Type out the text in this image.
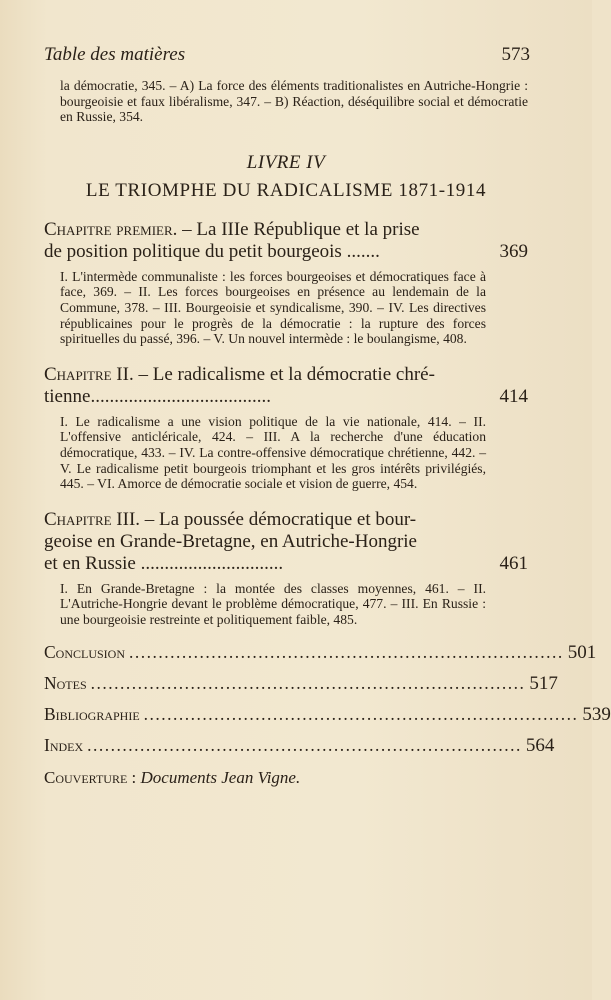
Table des matières	573

la démocratie, 345. – A) La force des éléments traditionalistes en Autriche-Hongrie : bourgeoisie et faux libéralisme, 347. – B) Réaction, déséquilibre social et démocratie en Russie, 354.

LIVRE IV
LE TRIOMPHE DU RADICALISME 1871-1914
Chapitre premier. – La IIIe République et la prise
de position politique du petit bourgeois .......	369

I. L'intermède communaliste : les forces bourgeoises et démocratiques face à face, 369. – II. Les forces bourgeoises en présence au lendemain de la Commune, 378. – III. Bourgeoisie et syndicalisme, 390. – IV. Les directives républicaines pour le progrès de la démocratie : la rupture des forces spirituelles du passé, 396. – V. Un nouvel intermède : le boulangisme, 408.

Chapitre II. – Le radicalisme et la démocratie chré-
tienne......................................	414

I. Le radicalisme a une vision politique de la vie nationale, 414. – II. L'offensive anticléricale, 424. – III. A la recherche d'une éducation démocratique, 433. – IV. La contre-offensive démocratique chrétienne, 442. – V. Le radicalisme petit bourgeois triomphant et les gros intérêts privilégiés, 445. – VI. Amorce de démocratie sociale et vision de guerre, 454.

Chapitre III. – La poussée démocratique et bour-
geoise en Grande-Bretagne, en Autriche-Hongrie
et en Russie ..............................	461

I. En Grande-Bretagne : la montée des classes moyennes, 461. – II. L'Autriche-Hongrie devant le problème démocratique, 477. – III. En Russie : une bourgeoisie restreinte et politiquement faible, 485.

Conclusion .......................................................................... 501
Notes .......................................................................... 517
Bibliographie .......................................................................... 539
Index .......................................................................... 564
Couverture : Documents Jean Vigne.
